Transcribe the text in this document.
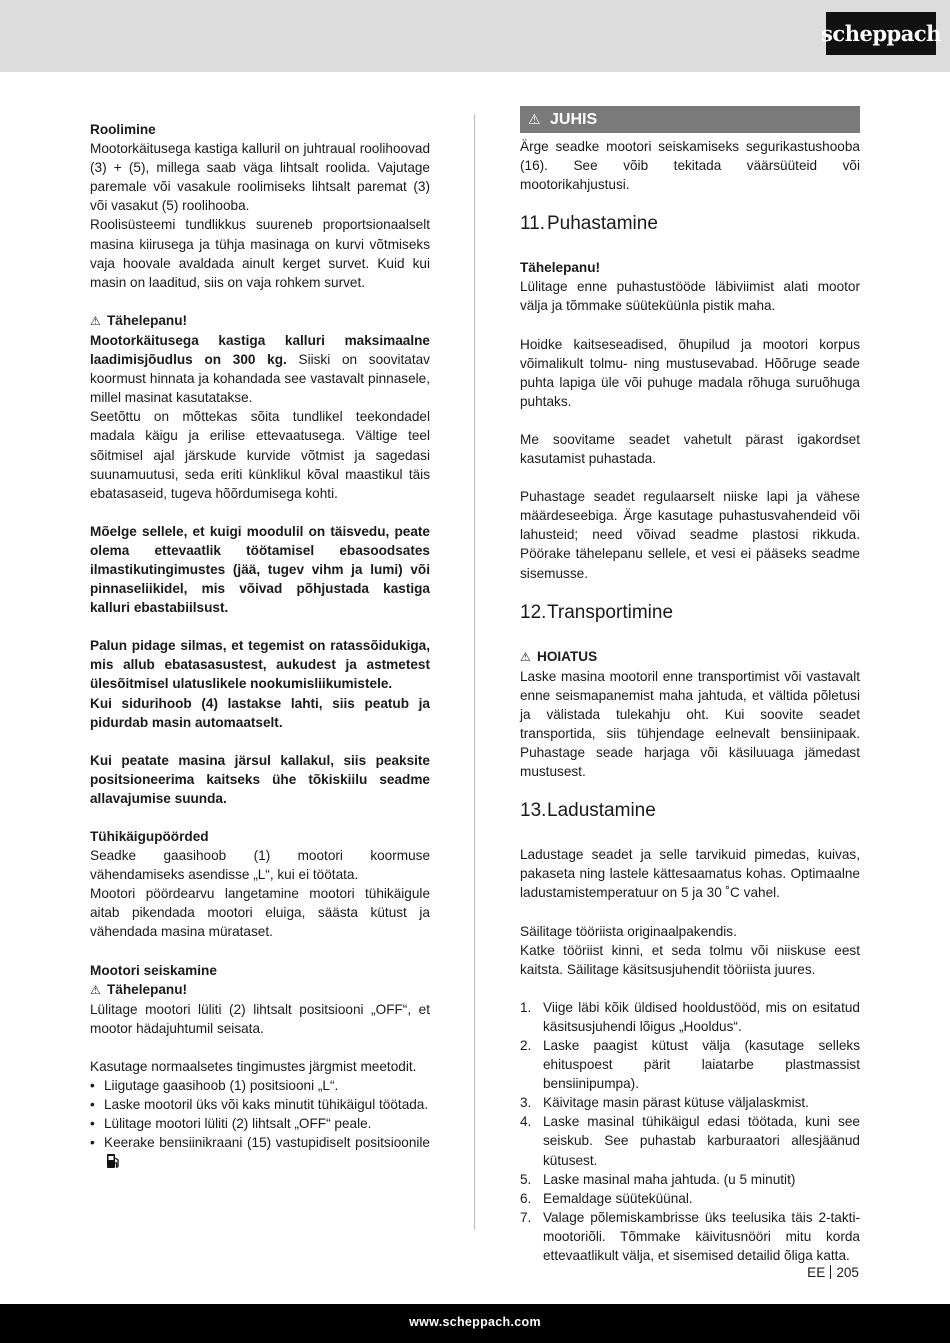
scheppach

Roolimine

Mootorkäitusega kastiga kalluril on juhtraual roolihoovad (3) + (5), millega saab väga lihtsalt roolida. Vajutage paremale või vasakule roolimiseks lihtsalt paremat (3) või vasakut (5) roolihooba.

Roolisüsteemi tundlikkus suureneb proportsionaalselt masina kiirusega ja tühja masinaga on kurvi võtmiseks vaja hoovale avaldada ainult kerget survet. Kuid kui masin on laaditud, siis on vaja rohkem survet.

⚠ Tähelepanu!

Mootorkäitusega kastiga kalluri maksimaalne laadimisjõudlus on 300 kg. Siiski on soovitatav koormust hinnata ja kohandada see vastavalt pinnasele, millel masinat kasutatakse.

Seetõttu on mõttekas sõita tundlikel teekondadel madala käigu ja erilise ettevaatusega. Vältige teel sõitmisel ajal järskude kurvide võtmist ja sagedasi suunamuutusi, seda eriti künklikul kõval maastikul täis ebatasaseid, tugeva hõõrdumisega kohti.

Mõelge sellele, et kuigi moodulil on täisvedu, peate olema ettevaatlik töötamisel ebasoodsates ilmastikutingimustes (jää, tugev vihm ja lumi) või pinnaseliikidel, mis võivad põhjustada kastiga kalluri ebastabiilsust.

Palun pidage silmas, et tegemist on ratassõidukiga, mis allub ebatasasustest, aukudest ja astmetest ülesõitmisel ulatuslikele nookumisliikumistele.

Kui sidurihoob (4) lastakse lahti, siis peatub ja pidurdab masin automaatselt.

Kui peatate masina järsul kallakul, siis peaksite positsioneerima kaitseks ühe tõkiskiilu seadme allavajumise suunda.

Tühikäigupöörded

Seadke gaasihoob (1) mootori koormuse vähendamiseks asendisse „L“, kui ei töötata.

Mootori pöördearvu langetamine mootori tühikäigule aitab pikendada mootori eluiga, säästa kütust ja vähendada masina mürataset.

Mootori seiskamine

⚠ Tähelepanu!

Lülitage mootori lüliti (2) lihtsalt positsiooni „OFF“, et mootor hädajuhtumil seisata.

Kasutage normaalsetes tingimustes järgmist meetodit.

• Liigutage gaasihoob (1) positsiooni „L“.
• Laske mootoril üks või kaks minutit tühikäigul töötada.
• Lülitage mootori lüliti (2) lihtsalt „OFF“ peale.
• Keerake bensiinikraani (15) vastupidiselt positsioonile
⚠ JUHIS

Ärge seadke mootori seiskamiseks segurikastushooba (16). See võib tekitada väärsüüteid või mootorikahjustusi.

11. Puhastamine

Tähelepanu!

Lülitage enne puhastustööde läbiviimist alati mootor välja ja tõmmake süüteküünla pistik maha.

Hoidke kaitseseadised, õhupilud ja mootori korpus võimalikult tolmu- ning mustusevabad. Hõõruge seade puhta lapiga üle või puhuge madala rõhuga suruõhuga puhtaks.

Me soovitame seadet vahetult pärast igakordset kasutamist puhastada.

Puhastage seadet regulaarselt niiske lapi ja vähese määrdeseebiga. Ärge kasutage puhastusvahendeid või lahusteid; need võivad seadme plastosi rikkuda. Pöörake tähelepanu sellele, et vesi ei pääseks seadme sisemusse.

12.Transportimine

⚠ HOIATUS

Laske masina mootoril enne transportimist või vastavalt enne seismapanemist maha jahtuda, et vältida põletusi ja välistada tulekahju oht. Kui soovite seadet transportida, siis tühjendage eelnevalt bensiinipaak. Puhastage seade harjaga või käsiluuaga jämedast mustusest.

13.Ladustamine

Ladustage seadet ja selle tarvikuid pimedas, kuivas, pakaseta ning lastele kättesaamatus kohas. Optimaalne ladustamistemperatuur on 5 ja 30 ˚C vahel.

Säilitage tööriista originaalpakendis.

Katke tööriist kinni, et seda tolmu või niiskuse eest kaitsta. Säilitage käsitsusjuhendit tööriista juures.

1. Viige läbi kõik üldised hooldustööd, mis on esitatud käsitsusjuhendi lõigus „Hooldus“.
2. Laske paagist kütust välja (kasutage selleks ehituspoest pärit laiatarbe plastmassist bensiinipumpa).
3. Käivitage masin pärast kütuse väljalaskmist.
4. Laske masinal tühikäigul edasi töötada, kuni see seiskub. See puhastab karburaatori allesjäänud kütusest.
5. Laske masinal maha jahtuda. (u 5 minutit)
6. Eemaldage süüteküünal.
7. Valage põlemiskambrisse üks teelusika täis 2-takti-mootoriõli. Tõmmake käivitusnööri mitu korda ettevaatlikult välja, et sisemised detailid õliga katta.
EE 205
www.scheppach.com
